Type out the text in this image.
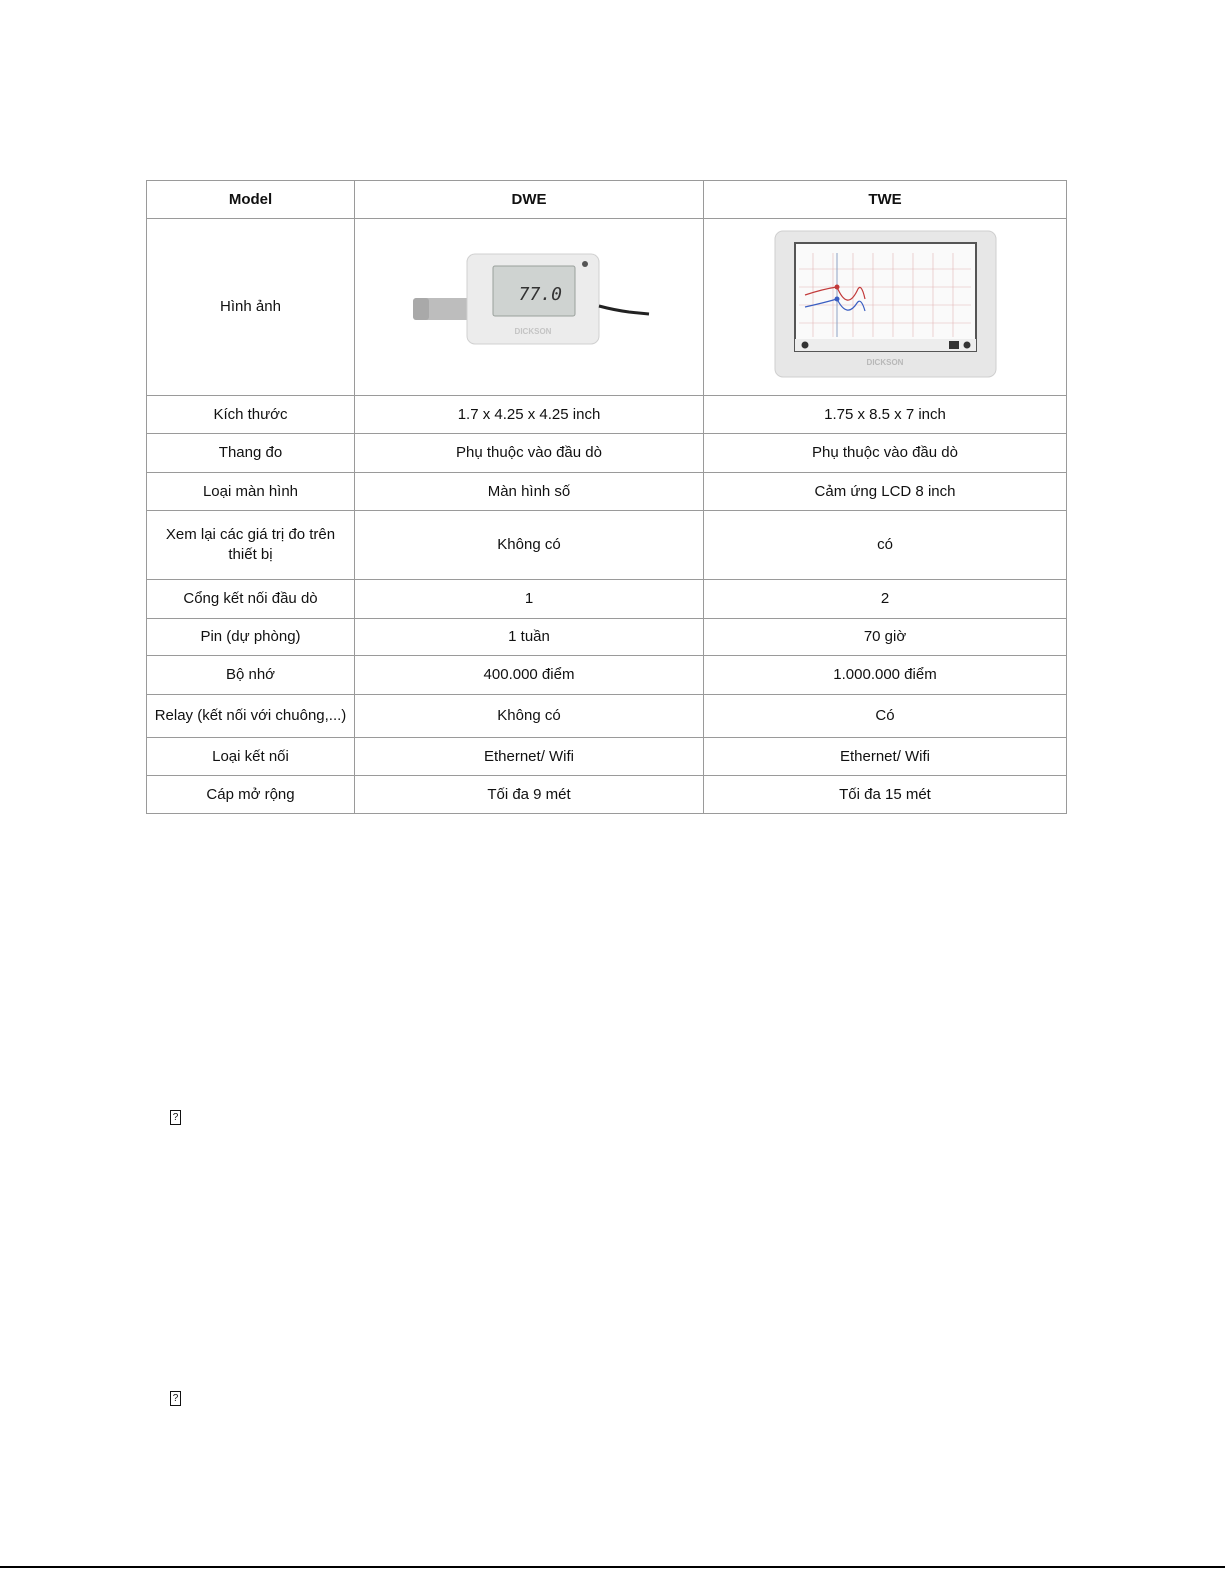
Model	DWE	TWE
Hình ảnh	77.0
DICKSON	DICKSON

Kích thước	1.7 x 4.25 x 4.25 inch	1.75 x 8.5 x 7 inch
Thang đo	Phụ thuộc vào đầu dò	Phụ thuộc vào đầu dò
Loại màn hình	Màn hình số	Cảm ứng LCD 8 inch
Xem lại các giá trị đo trên thiết bị	Không có	có
Cổng kết nối đầu dò	1	2
Pin (dự phòng)	1 tuần	70 giờ
Bộ nhớ	400.000 điểm	1.000.000 điểm
Relay (kết nối với chuông,...)	Không có	Có
Loại kết nối	Ethernet/ Wifi	Ethernet/ Wifi
Cáp mở rộng	Tối đa 9 mét	Tối đa 15 mét
?
?
